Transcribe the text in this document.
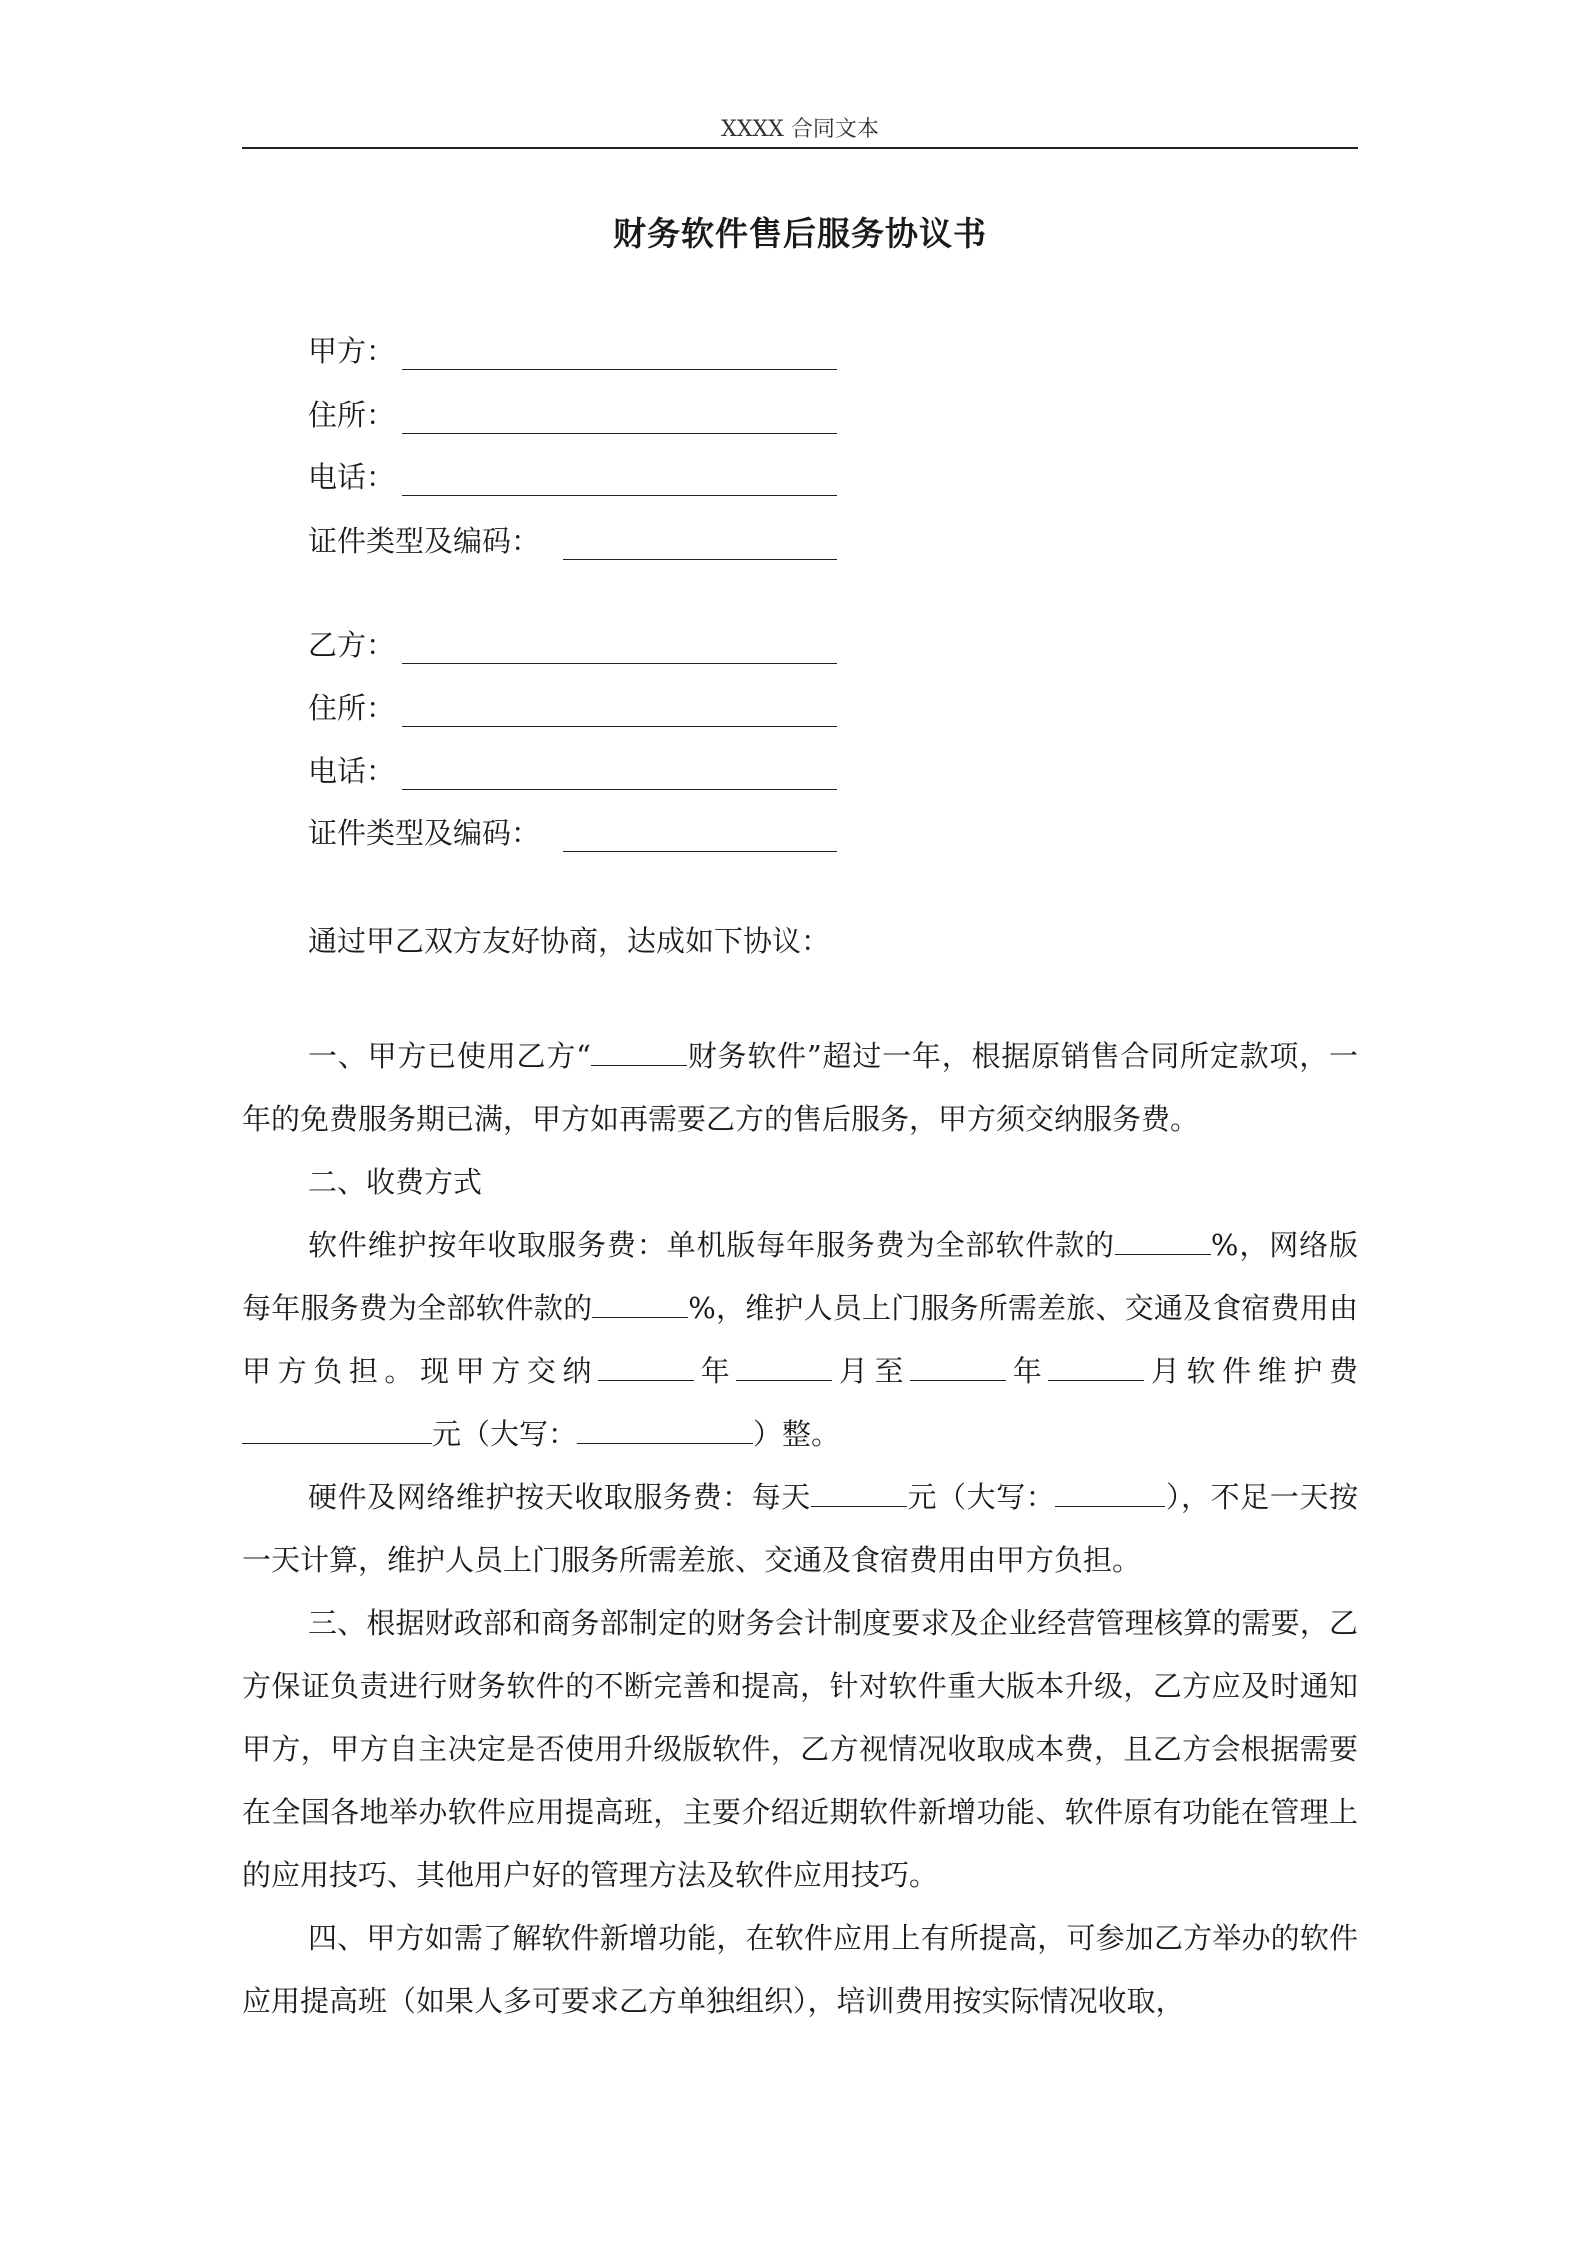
XXXX 合同文本
财务软件售后服务协议书
甲方：
住所：
电话：
证件类型及编码：
乙方：
住所：
电话：
证件类型及编码：

通过甲乙双方友好协商，达成如下协议：

一、甲方已使用乙方“	财务软件”超过一年，根据原销售合同所定款项，一年的免费服务期已满，甲方如再需要乙方的售后服务，甲方须交纳服务费。

二、收费方式

软件维护按年收取服务费：单机版每年服务费为全部软件款的	%，网络版每年服务费为全部软件款的	%，维护人员上门服务所需差旅、交通及食宿费用由甲方负担。现甲方交纳	年	月至	年	月软件维护费元（大写：	）整。

硬件及网络维护按天收取服务费：每天	元（大写：	），不足一天按一天计算，维护人员上门服务所需差旅、交通及食宿费用由甲方负担。

三、根据财政部和商务部制定的财务会计制度要求及企业经营管理核算的需要，乙方保证负责进行财务软件的不断完善和提高，针对软件重大版本升级，乙方应及时通知甲方，甲方自主决定是否使用升级版软件，乙方视情况收取成本费，且乙方会根据需要在全国各地举办软件应用提高班，主要介绍近期软件新增功能、软件原有功能在管理上的应用技巧、其他用户好的管理方法及软件应用技巧。

四、甲方如需了解软件新增功能，在软件应用上有所提高，可参加乙方举办的软件应用提高班（如果人多可要求乙方单独组织），培训费用按实际情况收取，
